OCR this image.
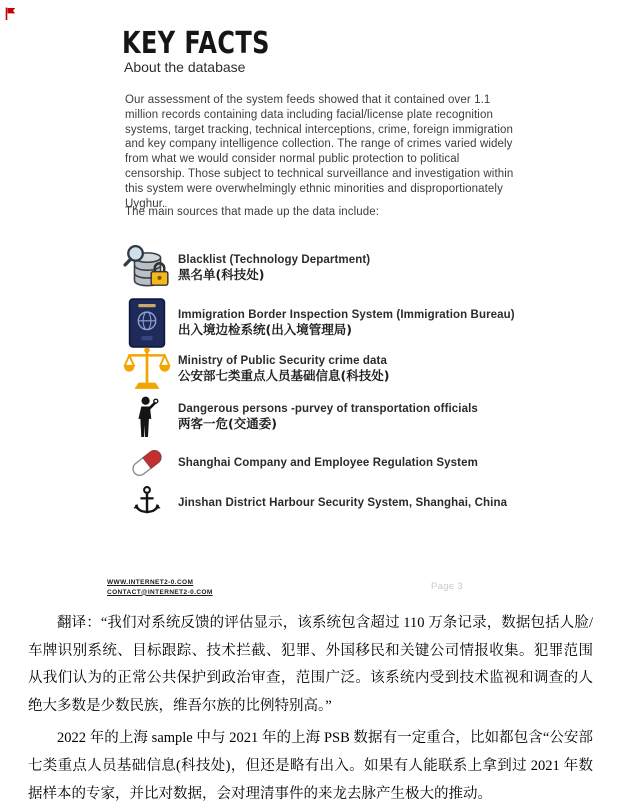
KEY FACTS
About the database
Our assessment of the system feeds showed that it contained over 1.1 million records containing data including facial/license plate recognition systems, target tracking, technical interceptions, crime, foreign immigration and key company intelligence collection. The range of crimes varied widely from what we would consider normal public protection to political censorship. Those subject to technical surveillance and investigation within this system were overwhelmingly ethnic minorities and disproportionately Uyghur.
The main sources that made up the data include:
Blacklist (Technology Department)
黑名单(科技处)
Immigration Border Inspection System (Immigration Bureau)
出入境边检系统(出入境管理局)
Ministry of Public Security crime data
公安部七类重点人员基础信息(科技处)
Dangerous persons -purvey of transportation officials
两客一危(交通委)
Shanghai Company and Employee Regulation System
Jinshan District Harbour Security System, Shanghai, China
WWW.INTERNET2-0.COM
CONTACT@INTERNET2-0.COM	Page 3

翻译：“我们对系统反馈的评估显示，该系统包含超过 110 万条记录，数据包括人脸/车牌识别系统、目标跟踪、技术拦截、犯罪、外国移民和关键公司情报收集。犯罪范围从我们认为的正常公共保护到政治审查，范围广泛。该系统内受到技术监视和调查的人绝大多数是少数民族，维吾尔族的比例特别高。”

2022 年的上海 sample 中与 2021 年的上海 PSB 数据有一定重合，比如都包含“公安部七类重点人员基础信息(科技处)，但还是略有出入。如果有人能联系上拿到过 2021 年数据样本的专家，并比对数据，会对理清事件的来龙去脉产生极大的推动。
